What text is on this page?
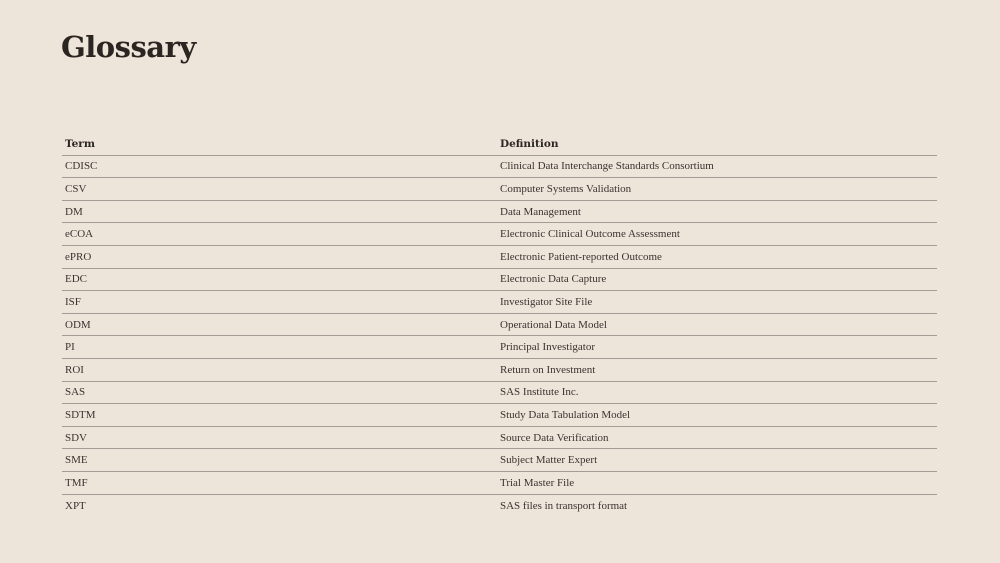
Glossary
Term	Definition
CDISC	Clinical Data Interchange Standards Consortium
CSV	Computer Systems Validation
DM	Data Management
eCOA	Electronic Clinical Outcome Assessment
ePRO	Electronic Patient-reported Outcome
EDC	Electronic Data Capture
ISF	Investigator Site File
ODM	Operational Data Model
PI	Principal Investigator
ROI	Return on Investment
SAS	SAS Institute Inc.
SDTM	Study Data Tabulation Model
SDV	Source Data Verification
SME	Subject Matter Expert
TMF	Trial Master File
XPT	SAS files in transport format
